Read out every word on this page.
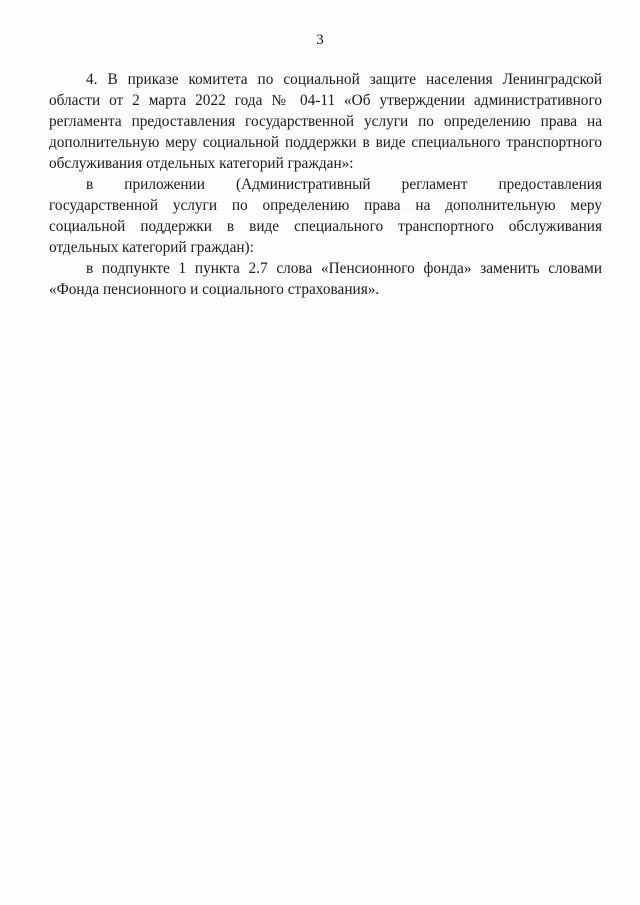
3

4. В приказе комитета по социальной защите населения Ленинградской области от 2 марта 2022 года № 04-11 «Об утверждении административного регламента предоставления государственной услуги по определению права на дополнительную меру социальной поддержки в виде специального транспортного обслуживания отдельных категорий граждан»:

в приложении (Административный регламент предоставления государственной услуги по определению права на дополнительную меру социальной поддержки в виде специального транспортного обслуживания отдельных категорий граждан):

в подпункте 1 пункта 2.7 слова «Пенсионного фонда» заменить словами «Фонда пенсионного и социального страхования».
